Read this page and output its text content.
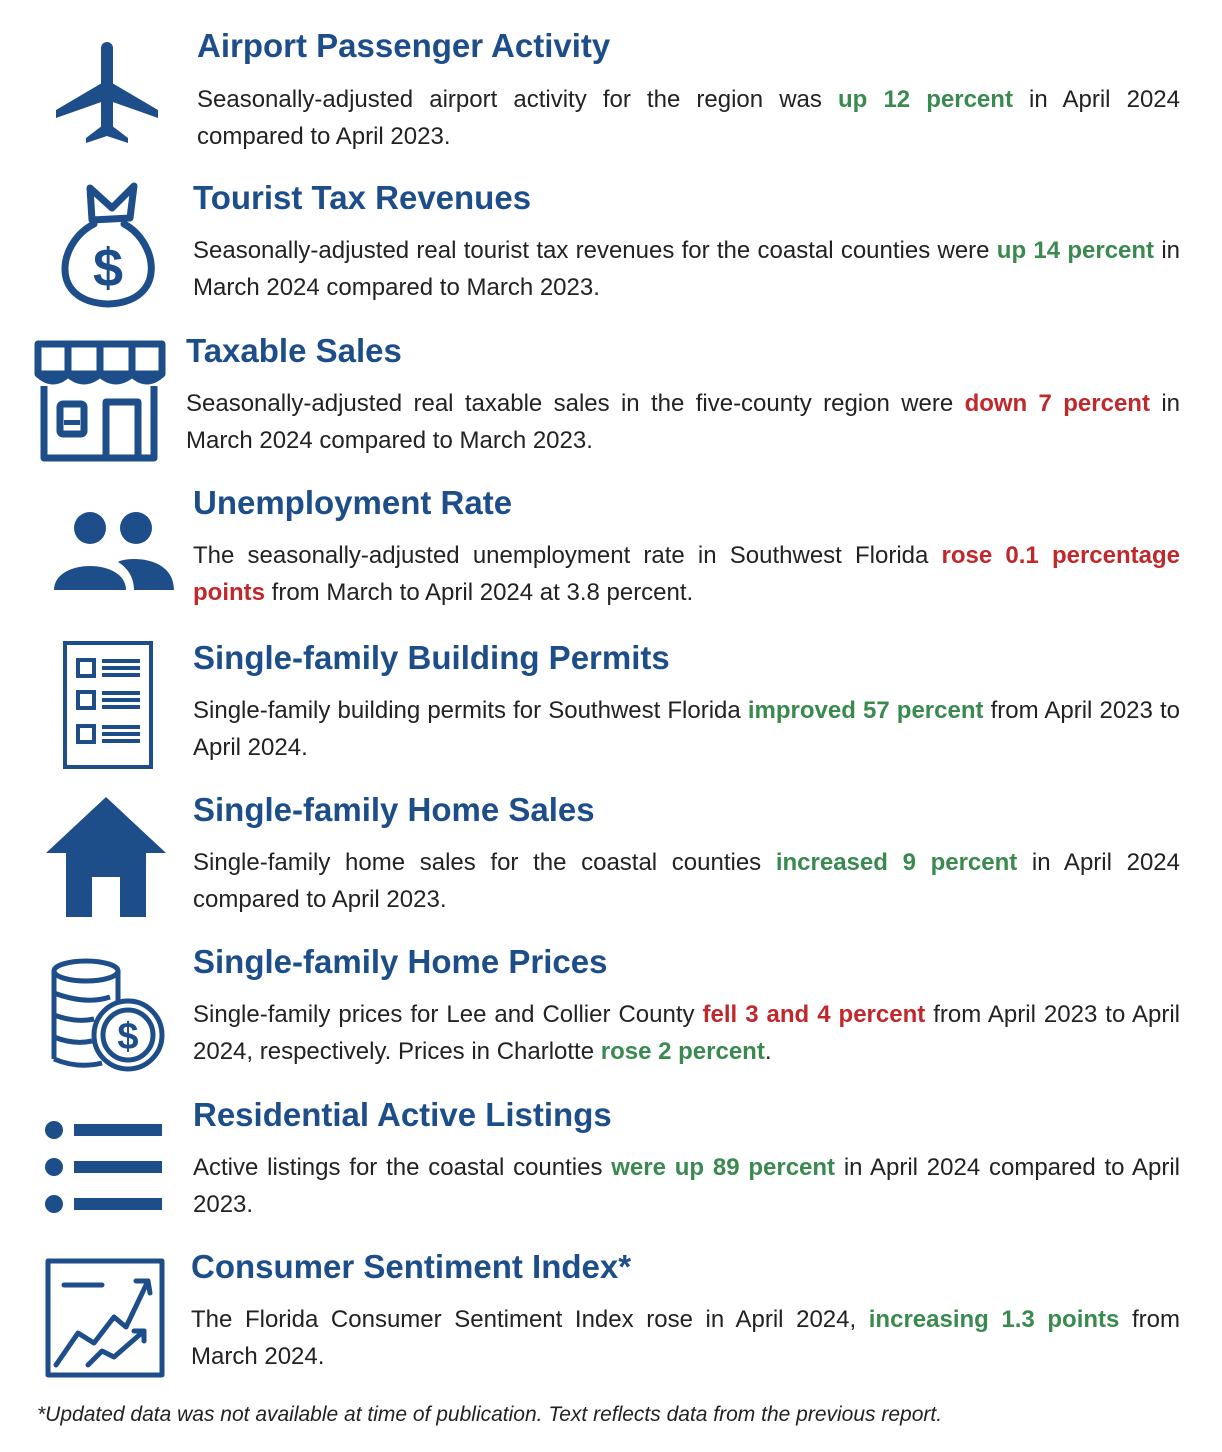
Airport Passenger Activity

Seasonally-adjusted airport activity for the region was up 12 percent in April 2024 compared to April 2023.

$
Tourist Tax Revenues

Seasonally-adjusted real tourist tax revenues for the coastal counties were up 14 percent in March 2024 compared to March 2023.

Taxable Sales

Seasonally-adjusted real taxable sales in the five-county region were down 7 percent in March 2024 compared to March 2023.

Unemployment Rate

The seasonally-adjusted unemployment rate in Southwest Florida rose 0.1 percentage points from March to April 2024 at 3.8 percent.

Single-family Building Permits

Single-family building permits for Southwest Florida improved 57 percent from April 2023 to April 2024.

Single-family Home Sales

Single-family home sales for the coastal counties increased 9 percent in April 2024 compared to April 2023.

$
Single-family Home Prices

Single-family prices for Lee and Collier County fell 3 and 4 percent from April 2023 to April 2024, respectively. Prices in Charlotte rose 2 percent.

Residential Active Listings

Active listings for the coastal counties were up 89 percent in April 2024 compared to April 2023.

Consumer Sentiment Index*

The Florida Consumer Sentiment Index rose in April 2024, increasing 1.3 points from March 2024.

*Updated data was not available at time of publication. Text reflects data from the previous report.
